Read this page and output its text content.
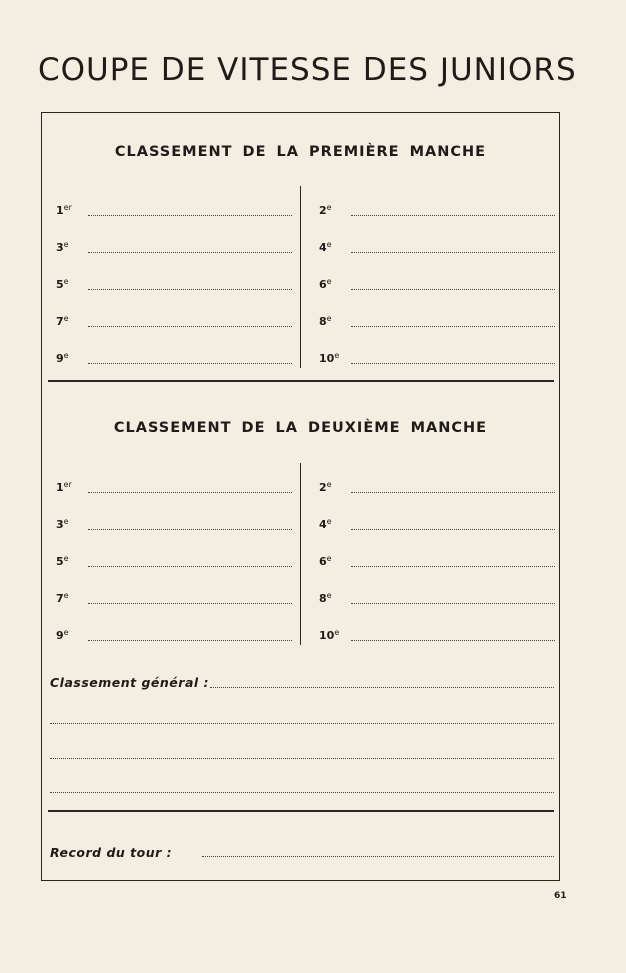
COUPE DE VITESSE DES JUNIORS
CLASSEMENT DE LA PREMIÈRE MANCHE
1er	2e
3e	4e
5e	6e
7e	8e
9e	10e
CLASSEMENT DE LA DEUXIÈME MANCHE
1er	2e
3e	4e
5e	6e
7e	8e
9e	10e
Classement général :
Record du tour :
61
